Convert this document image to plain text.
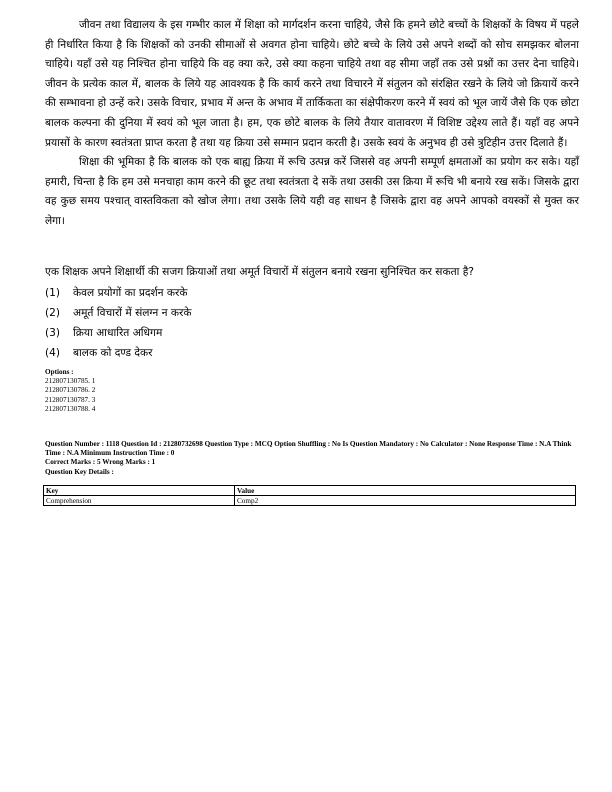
जीवन तथा विद्यालय के इस गम्भीर काल में शिक्षा को मार्गदर्शन करना चाहिये, जैसे कि हमने छोटे बच्चों के शिक्षकों के विषय में पहले ही निर्धारित किया है कि शिक्षकों को उनकी सीमाओं से अवगत होना चाहिये। छोटे बच्चे के लिये उसे अपने शब्दों को सोच समझकर बोलना चाहिये। यहाँ उसे यह निश्चित होना चाहिये कि वह क्या करे, उसे क्या कहना चाहिये तथा वह सीमा जहाँ तक उसे प्रश्नों का उत्तर देना चाहिये। जीवन के प्रत्येक काल में, बालक के लिये यह आवश्यक है कि कार्य करने तथा विचारने में संतुलन को संरक्षित रखने के लिये जो क्रियायें करने की सम्भावना हो उन्हें करे। उसके विचार, प्रभाव में अन्त के अभाव में तार्किकता का संक्षेपीकरण करने में स्वयं को भूल जायें जैसे कि एक छोटा बालक कल्पना की दुनिया में स्वयं को भूल जाता है। हम, एक छोटे बालक के लिये तैयार वातावरण में विशिष्ट उद्देश्य लाते हैं। यहाँ वह अपने प्रयासों के कारण स्वतंत्रता प्राप्त करता है तथा यह क्रिया उसे सम्मान प्रदान करती है। उसके स्वयं के अनुभव ही उसे त्रुटिहीन उत्तर दिलाते हैं।

शिक्षा की भूमिका है कि बालक को एक बाह्य क्रिया में रूचि उत्पन्न करें जिससे वह अपनी सम्पूर्ण क्षमताओं का प्रयोग कर सके। यहाँ हमारी, चिन्ता है कि हम उसे मनचाहा काम करने की छूट तथा स्वतंत्रता दे सकें तथा उसकी उस क्रिया में रूचि भी बनाये रख सकें। जिसके द्वारा वह कुछ समय पश्चात् वास्तविकता को खोज लेगा। तथा उसके लिये यही वह साधन है जिसके द्वारा वह अपने आपको वयस्कों से मुक्त कर लेगा।

एक शिक्षक अपने शिक्षार्थी की सजग क्रियाओं तथा अमूर्त विचारों में संतुलन बनाये रखना सुनिश्चित कर सकता है?
(1)	केवल प्रयोगों का प्रदर्शन करके
(2)	अमूर्त विचारों में संलग्न न करके
(3)	क्रिया आधारित अधिगम
(4)	बालक को दण्ड देकर
Options :
212807130785. 1
212807130786. 2
212807130787. 3
212807130788. 4
Question Number : 1118 Question Id : 21280732698 Question Type : MCQ Option Shuffling : No Is Question Mandatory : No Calculator : None Response Time : N.A Think Time : N.A Minimum Instruction Time : 0
Correct Marks : 5 Wrong Marks : 1
Question Key Details :
Key	Value
Comprehension	Comp2
